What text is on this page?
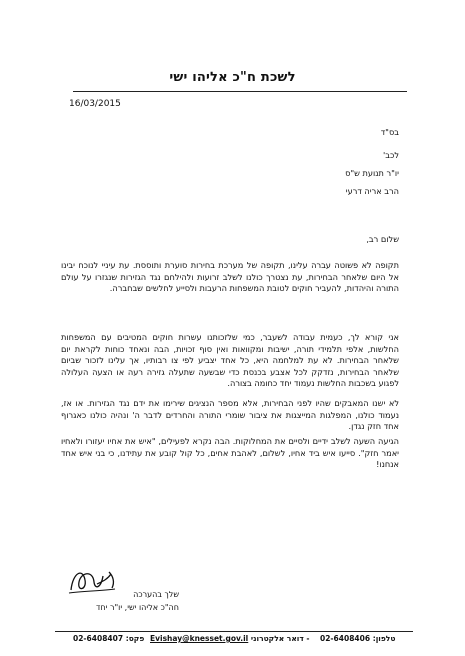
לשכת ח"כ אליהו ישי
16/03/2015
בס"ד
לכב'
יו"ר תנועת ש"ס
הרב אריה דרעי
שלום רב,
תקופה לא פשוטה עברה עלינו, תקופה של מערכת בחירות סוערת ותוססת. עת עיניי לנוכח יבינו אל היום שלאחר הבחירות, עת נצטרך כולנו לשלב זרועות ולהילחם נגד הגזירות שנגזרו על עולם התורה והיהדות, להעביר חוקים לטובת המשפחות הרעבות ולסייע לחלשים שבחברה.
אני קורא לך, כעמית עבודה לשעבר, כמי שלזכותנו עשרות חוקים המטיבים עם המשפחות החלשות, אלפי תלמידי תורה, ישיבות ומקוואות ואין סוף זכויות, הבה ונאחד כוחות לקראת יום שלאחר הבחירות. לא עת למלחמה היא, כל אחד יצביע לפי צו רבותיו, אך עלינו לזכור שביום שלאחר הבחירות, נזדקק לכל אצבע בכנסת כדי שבשעה שתעלה גזירה רעה או הצעה העלולה לפגוע בשכבות החלשות נעמוד יחד כחומה בצורה.
לא ישנו המאבקים שהיו לפני הבחירות, אלא מספר הנציגים שירימו את ידם נגד הגזירות. או אז, נעמוד כולנו, המפלגות המייצגות את ציבור שומרי התורה והחרדים לדבר ה' ונהיה כולנו כאגרוף אחד חזק נגדן.
הגיעה השעה לשלב ידיים ולסיים את המחלוקות. הבה נקרא לפעילים, "איש את אחיו יעזורו ולאחיו יאמר חזק". סייעו איש ביד אחיו, לשלום, לאהבת אחים, כל קול קובע את עתידנו, כי בני איש אחד אנחנו!
שלך בהערכה
חה"כ אליהו ישי, יו"ר יחד
פקס: 02-6408407 Evishay@knesset.gov.il דואר אלקטרוני - טלפון: 02-6408406
